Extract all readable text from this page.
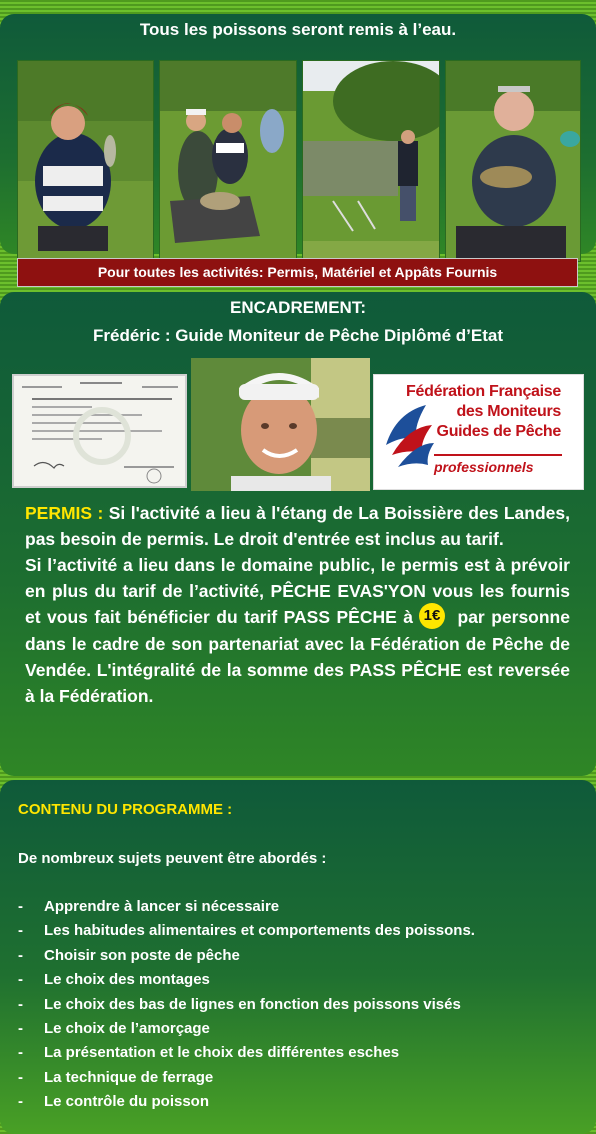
Tous les poissons seront remis à l’eau.
Pour toutes les activités: Permis, Matériel et Appâts Fournis
ENCADREMENT:
Frédéric : Guide Moniteur de Pêche Diplômé d’Etat
Fédération Française
des Moniteurs
Guides de Pêche
professionnels

PERMIS : Si l'activité a lieu à l'étang de La Boissière des Landes, pas besoin de permis. Le droit d'entrée est inclus au tarif.

Si l’activité a lieu dans le domaine public, le permis est à prévoir en plus du tarif de l’activité, PÊCHE EVAS'YON vous les fournis et vous fait bénéficier du tarif PASS PÊCHE à 1€ par personne dans le cadre de son partenariat avec la Fédération de Pêche de Vendée. L'intégralité de la somme des PASS PÊCHE est reversée à la Fédération.

CONTENU DU PROGRAMME :
De nombreux sujets peuvent être abordés :
- Apprendre à lancer si nécessaire
- Les habitudes alimentaires et comportements des poissons.
- Choisir son poste de pêche
- Le choix des montages
- Le choix des bas de lignes en fonction des poissons visés
- Le choix de l’amorçage
- La présentation et le choix des différentes esches
- La technique de ferrage
- Le contrôle du poisson
